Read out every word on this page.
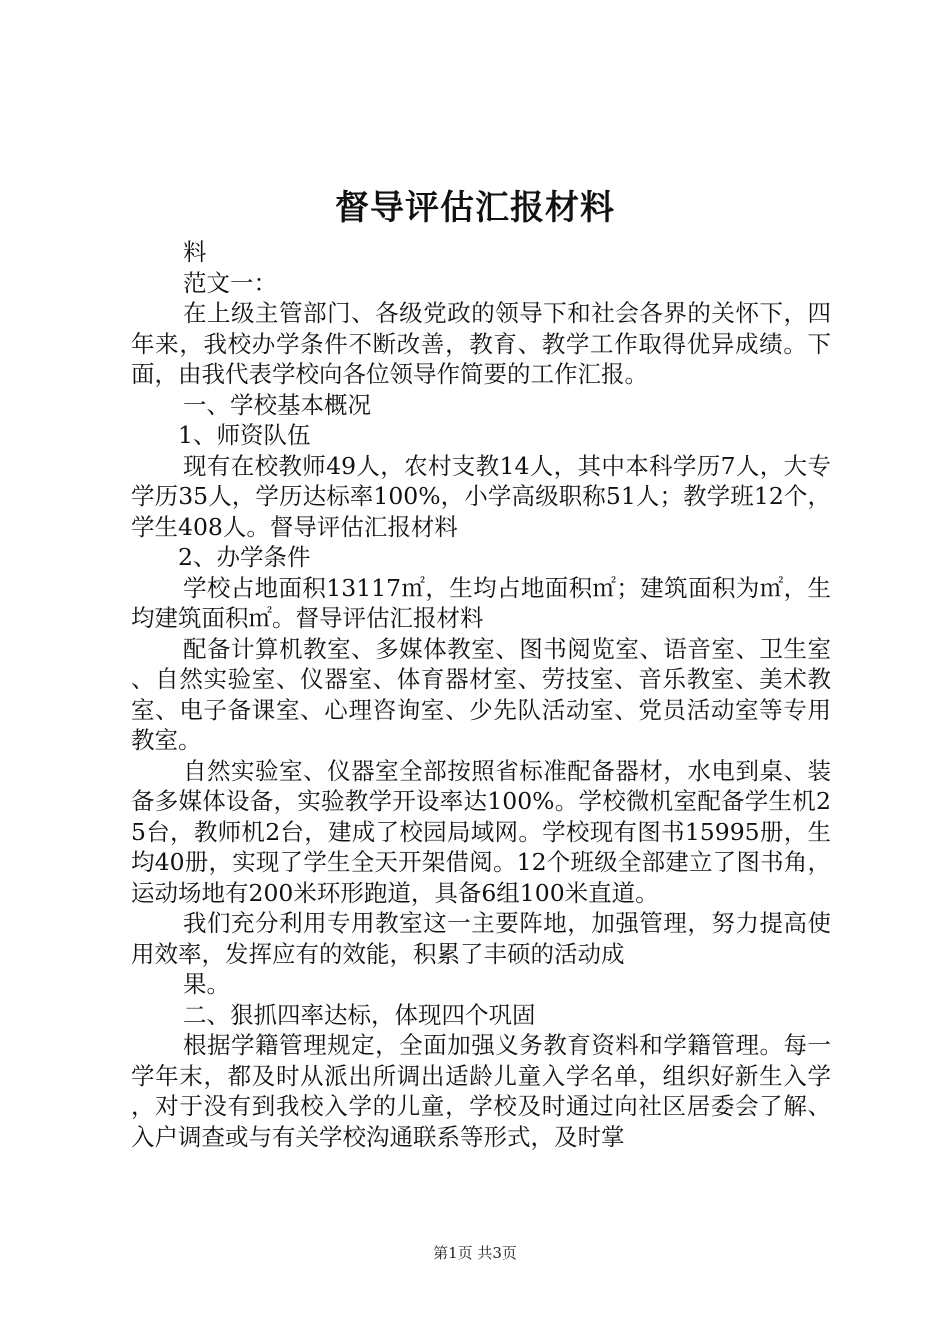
督导评估汇报材料

料

范文一：

在上级主管部门、各级党政的领导下和社会各界的关怀下，四年来，我校办学条件不断改善，教育、教学工作取得优异成绩。下面，由我代表学校向各位领导作简要的工作汇报。

一、学校基本概况

1、师资队伍

现有在校教师49人，农村支教14人，其中本科学历7人，大专学历35人，学历达标率100%，小学高级职称51人；教学班12个，学生408人。督导评估汇报材料

2、办学条件

学校占地面积13117㎡，生均占地面积㎡；建筑面积为㎡，生均建筑面积㎡。督导评估汇报材料

配备计算机教室、多媒体教室、图书阅览室、语音室、卫生室、自然实验室、仪器室、体育器材室、劳技室、音乐教室、美术教室、电子备课室、心理咨询室、少先队活动室、党员活动室等专用教室。

自然实验室、仪器室全部按照省标准配备器材，水电到桌、装备多媒体设备，实验教学开设率达100%。学校微机室配备学生机25台，教师机2台，建成了校园局域网。学校现有图书15995册，生均40册，实现了学生全天开架借阅。12个班级全部建立了图书角，运动场地有200米环形跑道，具备6组100米直道。

我们充分利用专用教室这一主要阵地，加强管理，努力提高使用效率，发挥应有的效能，积累了丰硕的活动成

果。

二、狠抓四率达标，体现四个巩固

根据学籍管理规定，全面加强义务教育资料和学籍管理。每一学年末，都及时从派出所调出适龄儿童入学名单，组织好新生入学，对于没有到我校入学的儿童，学校及时通过向社区居委会了解、入户调查或与有关学校沟通联系等形式，及时掌

第1页 共3页
